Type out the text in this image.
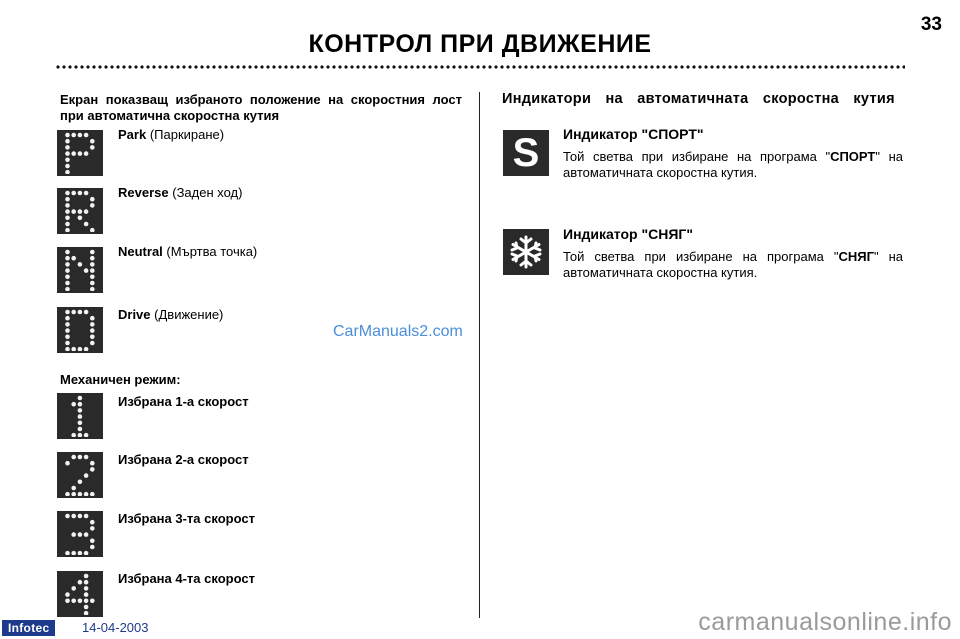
КОНТРОЛ ПРИ ДВИЖЕНИЕ
33
Екран показващ избраното положение на скоростния лост при автоматична скоростна кутия
Park (Паркиране)
Reverse (Заден ход)
Neutral (Мъртва точка)
Drive (Движение)
Механичен режим:
Избрана 1-а скорост
Избрана 2-а скорост
Избрана 3-та скорост
Избрана 4-та скорост
CarManuals2.com
Индикатори на автоматичната скоростна кутия
S Индикатор "СПОРТ"
Той светва при избиране на програма "СПОРТ" на автоматичната скоростна кутия.
Индикатор "СНЯГ"
Той светва при избиране на програма "СНЯГ" на автоматичната скоростна кутия.
Infotec	14-04-2003	carmanualsonline.info
